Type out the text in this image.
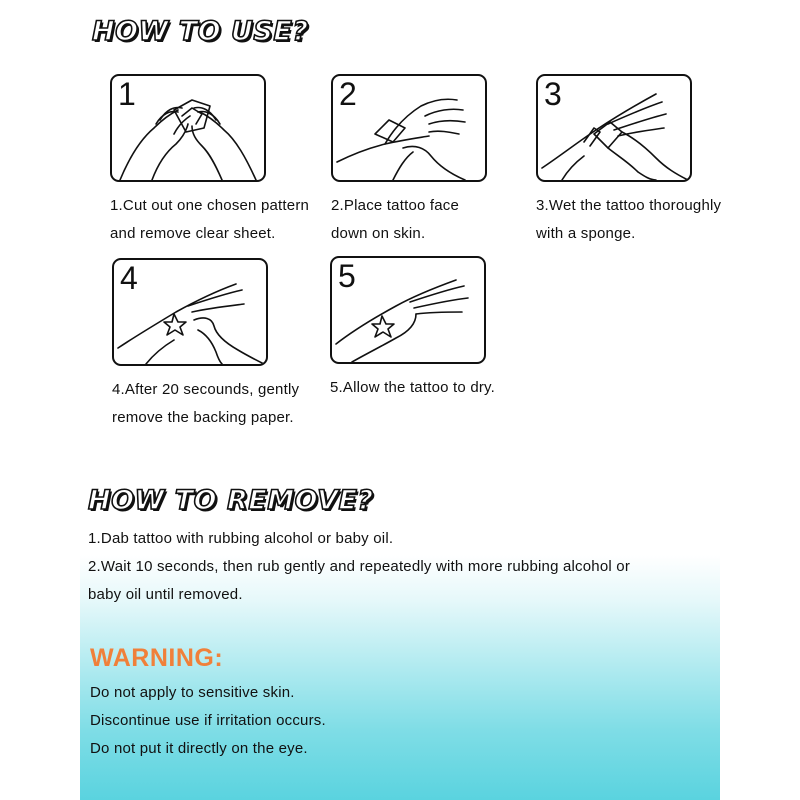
HOW TO USE?
1
1.Cut out one chosen pattern
and remove clear sheet.
2
2.Place tattoo face
down on skin.
3
3.Wet the tattoo thoroughly
with a sponge.
4
4.After 20 secounds, gently
remove the backing paper.
5
5.Allow the tattoo to dry.
HOW TO REMOVE?
1.Dab tattoo with rubbing alcohol or baby oil.
2.Wait 10 seconds, then rub gently and repeatedly with more rubbing alcohol or
baby oil until removed.
WARNING:
Do not apply to sensitive skin.
Discontinue use if irritation occurs.
Do not put it directly on the eye.
